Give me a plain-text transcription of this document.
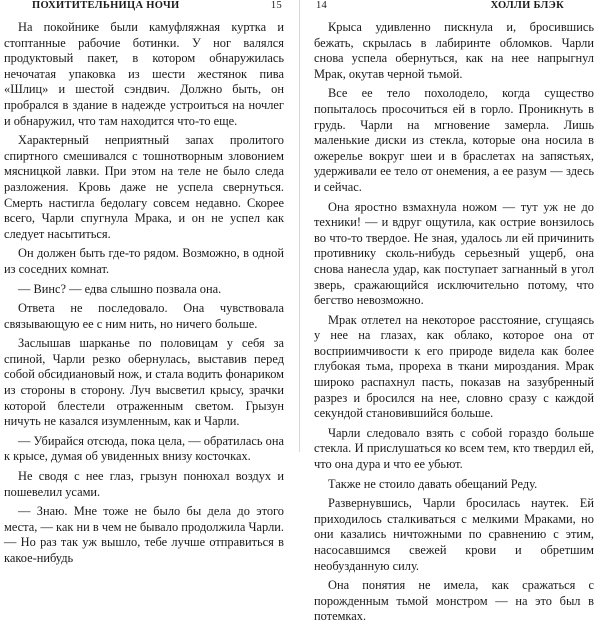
ПОХИТИТЕЛЬНИЦА НОЧИ	15

На покойнике были камуфляжная куртка и стоптанные рабочие ботинки. У ног валялся продуктовый пакет, в котором обнаружилась нечочатая упаковка из шести жестянок пива «Шлиц» и шестой сэндвич. Должно быть, он пробрался в здание в надежде устроиться на ночлег и обнаружил, что там находится что-то еще.

Характерный неприятный запах пролитого спиртного смешивался с тошнотворным зловонием мясницкой лавки. При этом на теле не было следа разложения. Кровь даже не успела свернуться. Смерть настигла бедолагу совсем недавно. Скорее всего, Чарли спугнула Мрака, и он не успел как следует насытиться.

Он должен быть где-то рядом. Возможно, в одной из соседних комнат.

— Винс? — едва слышно позвала она.

Ответа не последовало. Она чувствовала связывающую ее с ним нить, но ничего больше.

Заслышав шарканье по половицам у себя за спиной, Чарли резко обернулась, выставив перед собой обсидиановый нож, и стала водить фонариком из стороны в сторону. Луч высветил крысу, зрачки которой блестели отраженным светом. Грызун ничуть не казался изумленным, как и Чарли.

— Убирайся отсюда, пока цела, — обратилась она к крысе, думая об увиденных внизу косточках.

Не сводя с нее глаз, грызун понюхал воздух и пошевелил усами.

— Знаю. Мне тоже не было бы дела до этого места, — как ни в чем не бывало продолжила Чарли. — Но раз так уж вышло, тебе лучше отправиться в какое-нибудь

14	ХОЛЛИ БЛЭК

Крыса удивленно пискнула и, бросившись бежать, скрылась в лабиринте обломков. Чарли снова успела обернуться, как на нее напрыгнул Мрак, окутав черной тьмой.

Все ее тело похолодело, когда существо попыталось просочиться ей в горло. Проникнуть в грудь. Чарли на мгновение замерла. Лишь маленькие диски из стекла, которые она носила в ожерелье вокруг шеи и в браслетах на запястьях, удерживали ее тело от онемения, а ее разум — здесь и сейчас.

Она яростно взмахнула ножом — тут уж не до техники! — и вдруг ощутила, как острие вонзилось во что-то твердое. Не зная, удалось ли ей причинить противнику сколь-нибудь серьезный ущерб, она снова нанесла удар, как поступает загнанный в угол зверь, сражающийся исключительно потому, что бегство невозможно.

Мрак отлетел на некоторое расстояние, сгущаясь у нее на глазах, как облако, которое она от восприимчивости к его природе видела как более глубокая тьма, прореха в ткани мироздания. Мрак широко распахнул пасть, показав на зазубренный разрез и бросился на нее, словно сразу с каждой секундой становившийся больше.

Чарли следовало взять с собой гораздо больше стекла. И прислушаться ко всем тем, кто твердил ей, что она дура и что ее убьют.

Также не стоило давать обещаний Реду.

Развернувшись, Чарли бросилась наутек. Ей приходилось сталкиваться с мелкими Мраками, но они казались ничтожными по сравнению с этим, насосавшимся свежей крови и обретшим необузданную силу.

Она понятия не имела, как сражаться с порожденным тьмой монстром — на это был в потемках.
